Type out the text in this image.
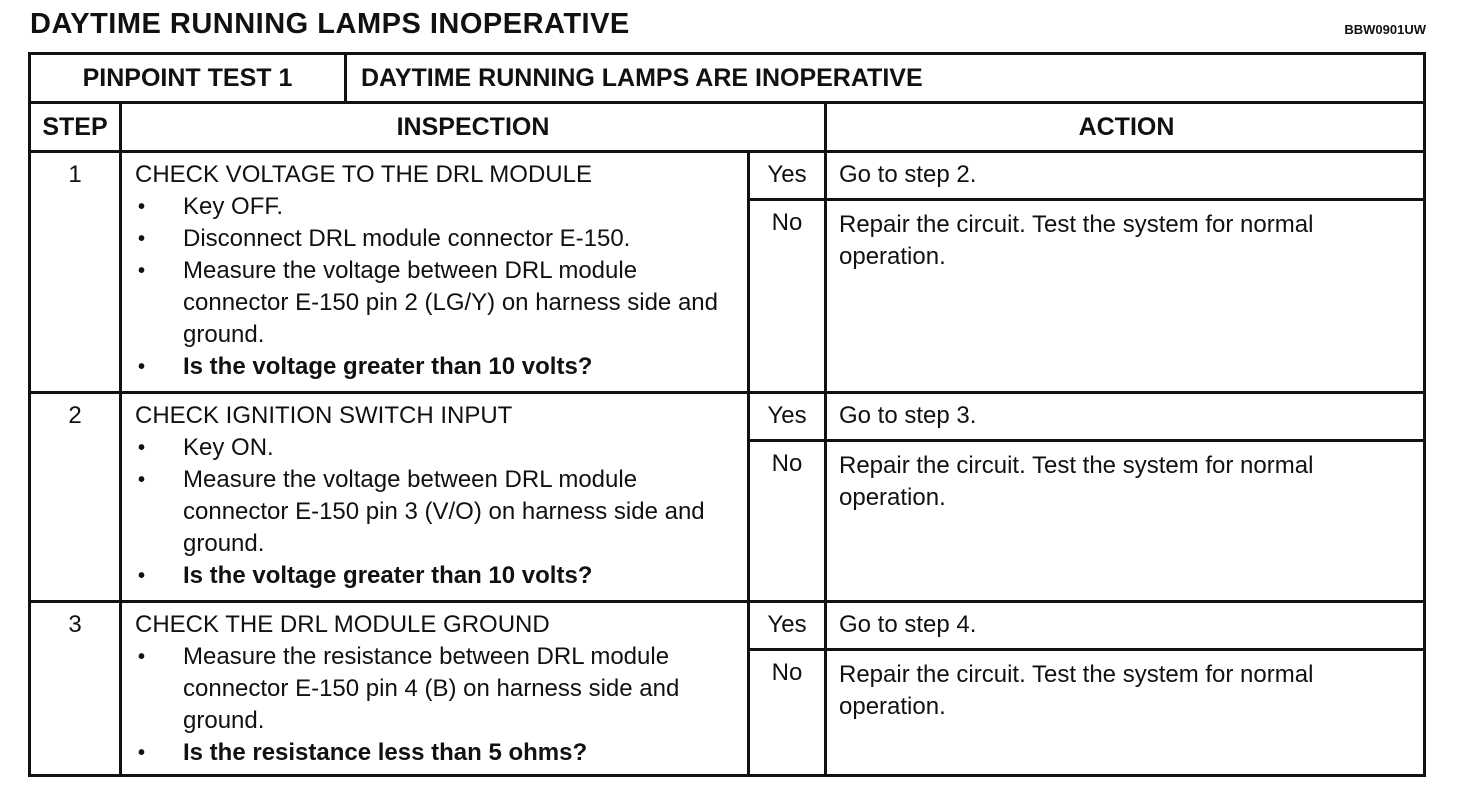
DAYTIME RUNNING LAMPS INOPERATIVE	BBW0901UW
PINPOINT TEST 1	DAYTIME RUNNING LAMPS ARE INOPERATIVE
STEP	INSPECTION	ACTION
1	CHECK VOLTAGE TO THE DRL MODULE
• Key OFF.
• Disconnect DRL module connector E-150.
• Measure the voltage between DRL module connector E-150 pin 2 (LG/Y) on harness side and ground.
• Is the voltage greater than 10 volts?
Yes	Go to step 2.
No	Repair the circuit. Test the system for normal operation.
2	CHECK IGNITION SWITCH INPUT
• Key ON.
• Measure the voltage between DRL module connector E-150 pin 3 (V/O) on harness side and ground.
• Is the voltage greater than 10 volts?
Yes	Go to step 3.
No	Repair the circuit. Test the system for normal operation.
3	CHECK THE DRL MODULE GROUND
• Measure the resistance between DRL module connector E-150 pin 4 (B) on harness side and ground.
• Is the resistance less than 5 ohms?
Yes	Go to step 4.
No	Repair the circuit. Test the system for normal operation.
